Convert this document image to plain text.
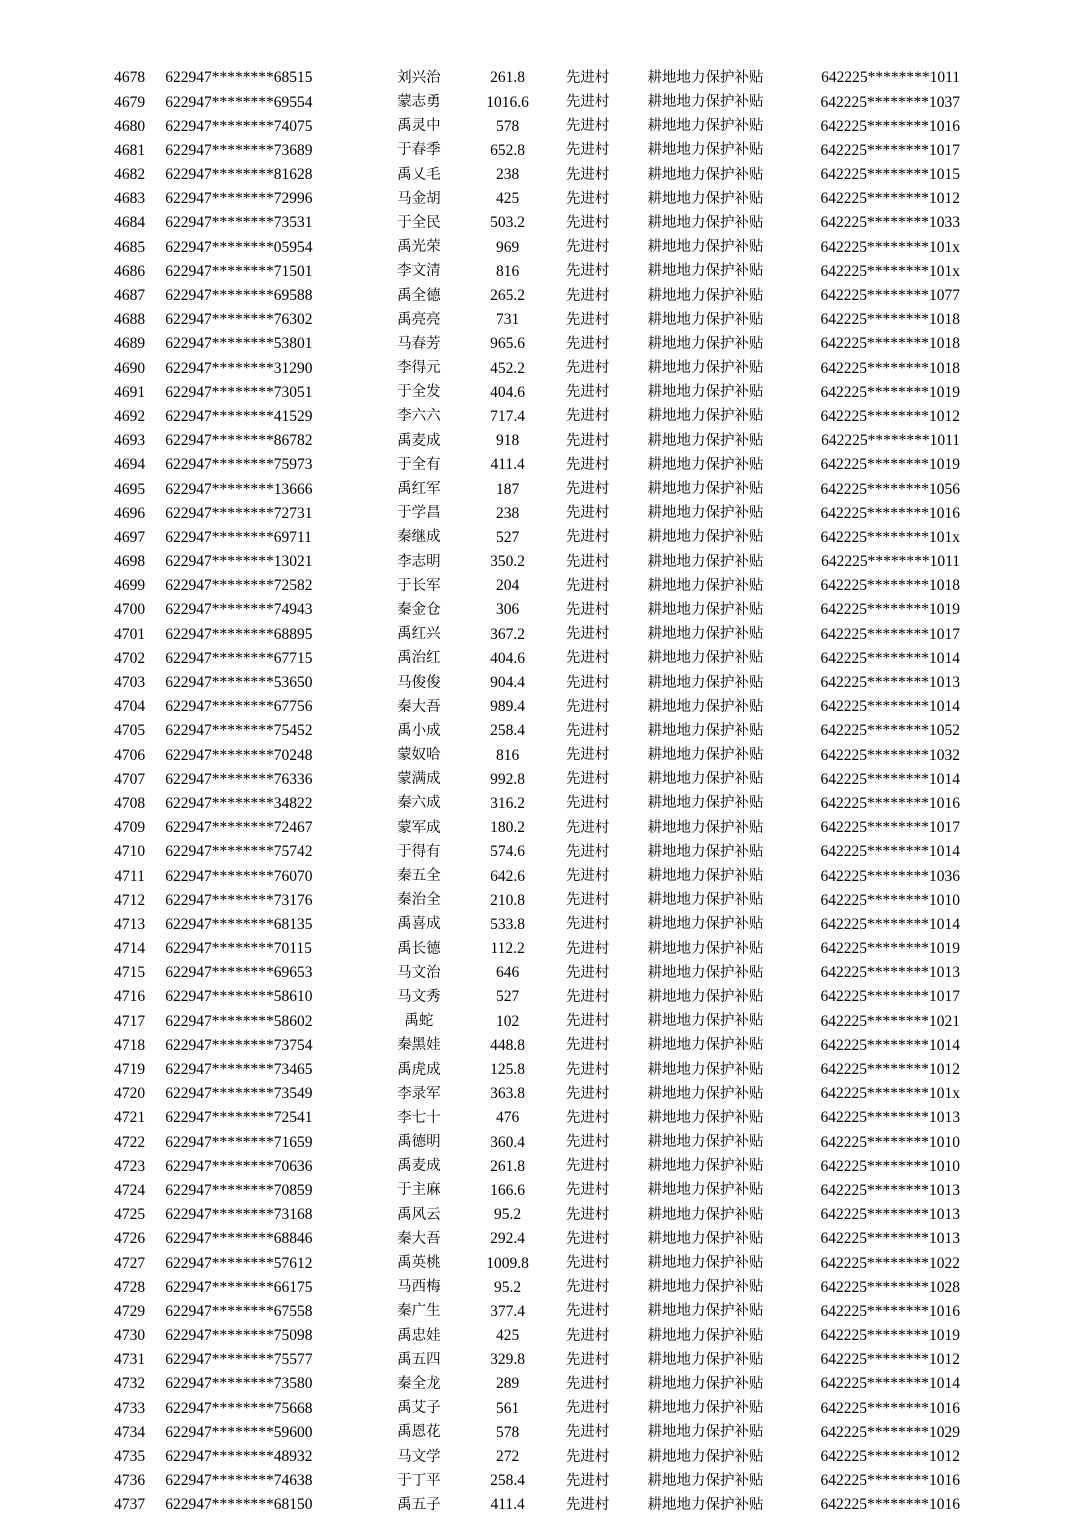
4678	622947********68515	刘兴治	261.8	先进村	耕地地力保护补贴	642225********1011
4679	622947********69554	蒙志勇	1016.6	先进村	耕地地力保护补贴	642225********1037
4680	622947********74075	禹灵中	578	先进村	耕地地力保护补贴	642225********1016
4681	622947********73689	于春季	652.8	先进村	耕地地力保护补贴	642225********1017
4682	622947********81628	禹乂毛	238	先进村	耕地地力保护补贴	642225********1015
4683	622947********72996	马金胡	425	先进村	耕地地力保护补贴	642225********1012
4684	622947********73531	于全民	503.2	先进村	耕地地力保护补贴	642225********1033
4685	622947********05954	禹光荣	969	先进村	耕地地力保护补贴	642225********101x
4686	622947********71501	李文清	816	先进村	耕地地力保护补贴	642225********101x
4687	622947********69588	禹全德	265.2	先进村	耕地地力保护补贴	642225********1077
4688	622947********76302	禹亮亮	731	先进村	耕地地力保护补贴	642225********1018
4689	622947********53801	马春芳	965.6	先进村	耕地地力保护补贴	642225********1018
4690	622947********31290	李得元	452.2	先进村	耕地地力保护补贴	642225********1018
4691	622947********73051	于全发	404.6	先进村	耕地地力保护补贴	642225********1019
4692	622947********41529	李六六	717.4	先进村	耕地地力保护补贴	642225********1012
4693	622947********86782	禹麦成	918	先进村	耕地地力保护补贴	642225********1011
4694	622947********75973	于全有	411.4	先进村	耕地地力保护补贴	642225********1019
4695	622947********13666	禹红军	187	先进村	耕地地力保护补贴	642225********1056
4696	622947********72731	于学昌	238	先进村	耕地地力保护补贴	642225********1016
4697	622947********69711	秦继成	527	先进村	耕地地力保护补贴	642225********101x
4698	622947********13021	李志明	350.2	先进村	耕地地力保护补贴	642225********1011
4699	622947********72582	于长军	204	先进村	耕地地力保护补贴	642225********1018
4700	622947********74943	秦金仓	306	先进村	耕地地力保护补贴	642225********1019
4701	622947********68895	禹红兴	367.2	先进村	耕地地力保护补贴	642225********1017
4702	622947********67715	禹治红	404.6	先进村	耕地地力保护补贴	642225********1014
4703	622947********53650	马俊俊	904.4	先进村	耕地地力保护补贴	642225********1013
4704	622947********67756	秦大吾	989.4	先进村	耕地地力保护补贴	642225********1014
4705	622947********75452	禹小成	258.4	先进村	耕地地力保护补贴	642225********1052
4706	622947********70248	蒙奴哈	816	先进村	耕地地力保护补贴	642225********1032
4707	622947********76336	蒙满成	992.8	先进村	耕地地力保护补贴	642225********1014
4708	622947********34822	秦六成	316.2	先进村	耕地地力保护补贴	642225********1016
4709	622947********72467	蒙军成	180.2	先进村	耕地地力保护补贴	642225********1017
4710	622947********75742	于得有	574.6	先进村	耕地地力保护补贴	642225********1014
4711	622947********76070	秦五全	642.6	先进村	耕地地力保护补贴	642225********1036
4712	622947********73176	秦治全	210.8	先进村	耕地地力保护补贴	642225********1010
4713	622947********68135	禹喜成	533.8	先进村	耕地地力保护补贴	642225********1014
4714	622947********70115	禹长德	112.2	先进村	耕地地力保护补贴	642225********1019
4715	622947********69653	马文治	646	先进村	耕地地力保护补贴	642225********1013
4716	622947********58610	马文秀	527	先进村	耕地地力保护补贴	642225********1017
4717	622947********58602	禹蛇	102	先进村	耕地地力保护补贴	642225********1021
4718	622947********73754	秦黑娃	448.8	先进村	耕地地力保护补贴	642225********1014
4719	622947********73465	禹虎成	125.8	先进村	耕地地力保护补贴	642225********1012
4720	622947********73549	李录军	363.8	先进村	耕地地力保护补贴	642225********101x
4721	622947********72541	李七十	476	先进村	耕地地力保护补贴	642225********1013
4722	622947********71659	禹德明	360.4	先进村	耕地地力保护补贴	642225********1010
4723	622947********70636	禹麦成	261.8	先进村	耕地地力保护补贴	642225********1010
4724	622947********70859	于主麻	166.6	先进村	耕地地力保护补贴	642225********1013
4725	622947********73168	禹风云	95.2	先进村	耕地地力保护补贴	642225********1013
4726	622947********68846	秦大吾	292.4	先进村	耕地地力保护补贴	642225********1013
4727	622947********57612	禹英桃	1009.8	先进村	耕地地力保护补贴	642225********1022
4728	622947********66175	马西梅	95.2	先进村	耕地地力保护补贴	642225********1028
4729	622947********67558	秦广生	377.4	先进村	耕地地力保护补贴	642225********1016
4730	622947********75098	禹忠娃	425	先进村	耕地地力保护补贴	642225********1019
4731	622947********75577	禹五四	329.8	先进村	耕地地力保护补贴	642225********1012
4732	622947********73580	秦全龙	289	先进村	耕地地力保护补贴	642225********1014
4733	622947********75668	禹艾子	561	先进村	耕地地力保护补贴	642225********1016
4734	622947********59600	禹恩花	578	先进村	耕地地力保护补贴	642225********1029
4735	622947********48932	马文学	272	先进村	耕地地力保护补贴	642225********1012
4736	622947********74638	于丁平	258.4	先进村	耕地地力保护补贴	642225********1016
4737	622947********68150	禹五子	411.4	先进村	耕地地力保护补贴	642225********1016
